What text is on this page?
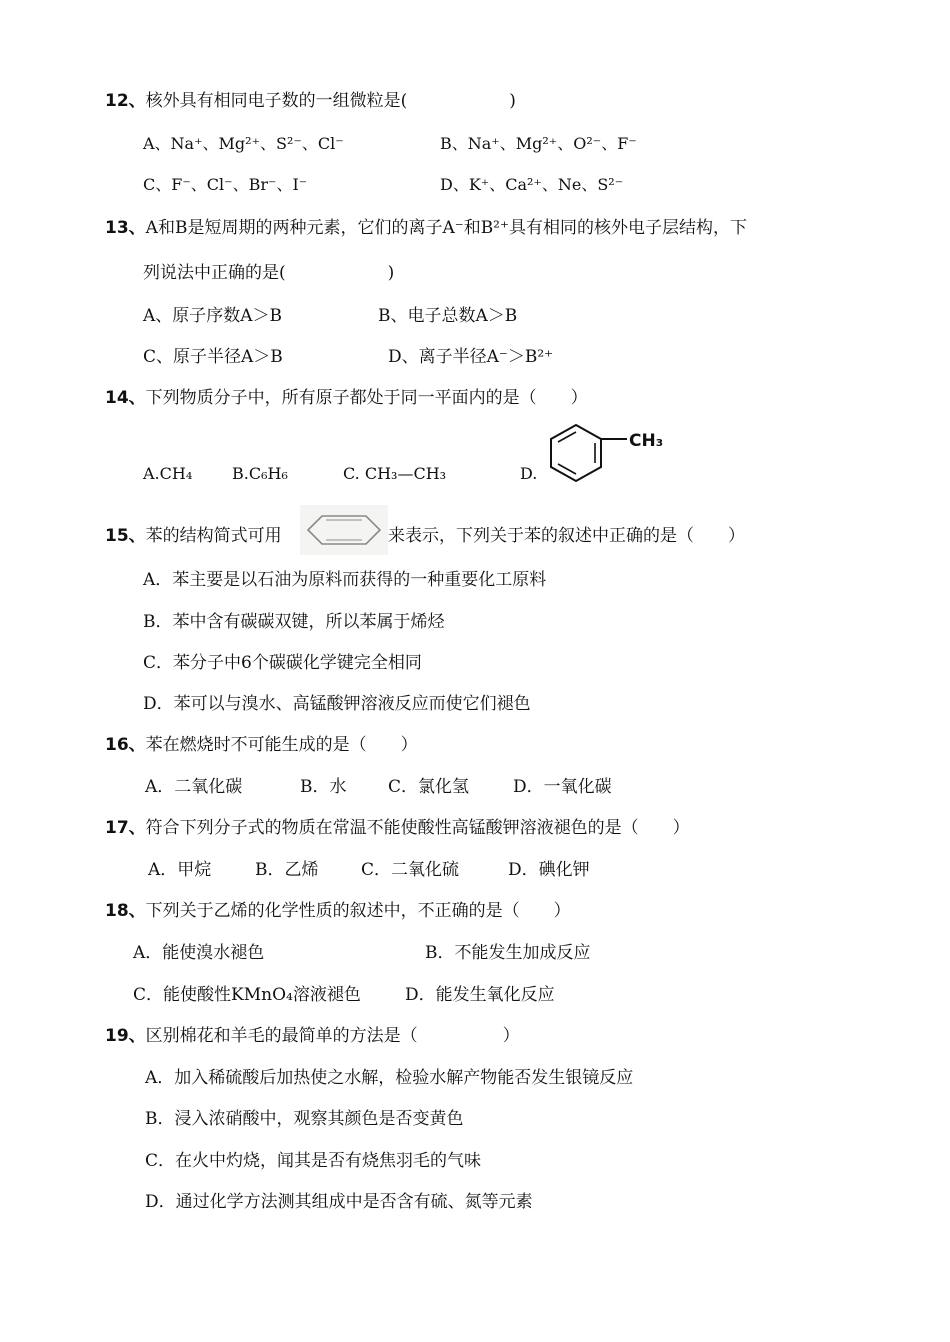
12、核外具有相同电子数的一组微粒是(　　　　　　)
A、Na⁺、Mg²⁺、S²⁻、Cl⁻	B、Na⁺、Mg²⁺、O²⁻、F⁻
C、F⁻、Cl⁻、Br⁻、I⁻	D、K⁺、Ca²⁺、Ne、S²⁻
13、A和B是短周期的两种元素，它们的离子A⁻和B²⁺具有相同的核外电子层结构，下
列说法中正确的是(　　　　　　)
A、原子序数A＞B	B、电子总数A＞B
C、原子半径A＞B	D、离子半径A⁻＞B²⁺
14、下列物质分子中，所有原子都处于同一平面内的是（　　）
A.CH₄ B.C₆H₆	C. CH₃—CH₃	D.
CH₃
15、苯的结构简式可用	来表示，下列关于苯的叙述中正确的是（　　）
A．苯主要是以石油为原料而获得的一种重要化工原料
B．苯中含有碳碳双键，所以苯属于烯烃
C．苯分子中6个碳碳化学键完全相同
D．苯可以与溴水、高锰酸钾溶液反应而使它们褪色
16、苯在燃烧时不可能生成的是（　　）
A．二氧化碳	B．水 C．氯化氢	D．一氧化碳
17、符合下列分子式的物质在常温不能使酸性高锰酸钾溶液褪色的是（　　）
A．甲烷	B．乙烯	C．二氧化硫	D．碘化钾
18、下列关于乙烯的化学性质的叙述中，不正确的是（　　）
A．能使溴水褪色	B．不能发生加成反应
C．能使酸性KMnO₄溶液褪色	D．能发生氧化反应
19、区别棉花和羊毛的最简单的方法是（　　　　　）
A．加入稀硫酸后加热使之水解，检验水解产物能否发生银镜反应
B．浸入浓硝酸中，观察其颜色是否变黄色
C．在火中灼烧，闻其是否有烧焦羽毛的气味
D．通过化学方法测其组成中是否含有硫、氮等元素
